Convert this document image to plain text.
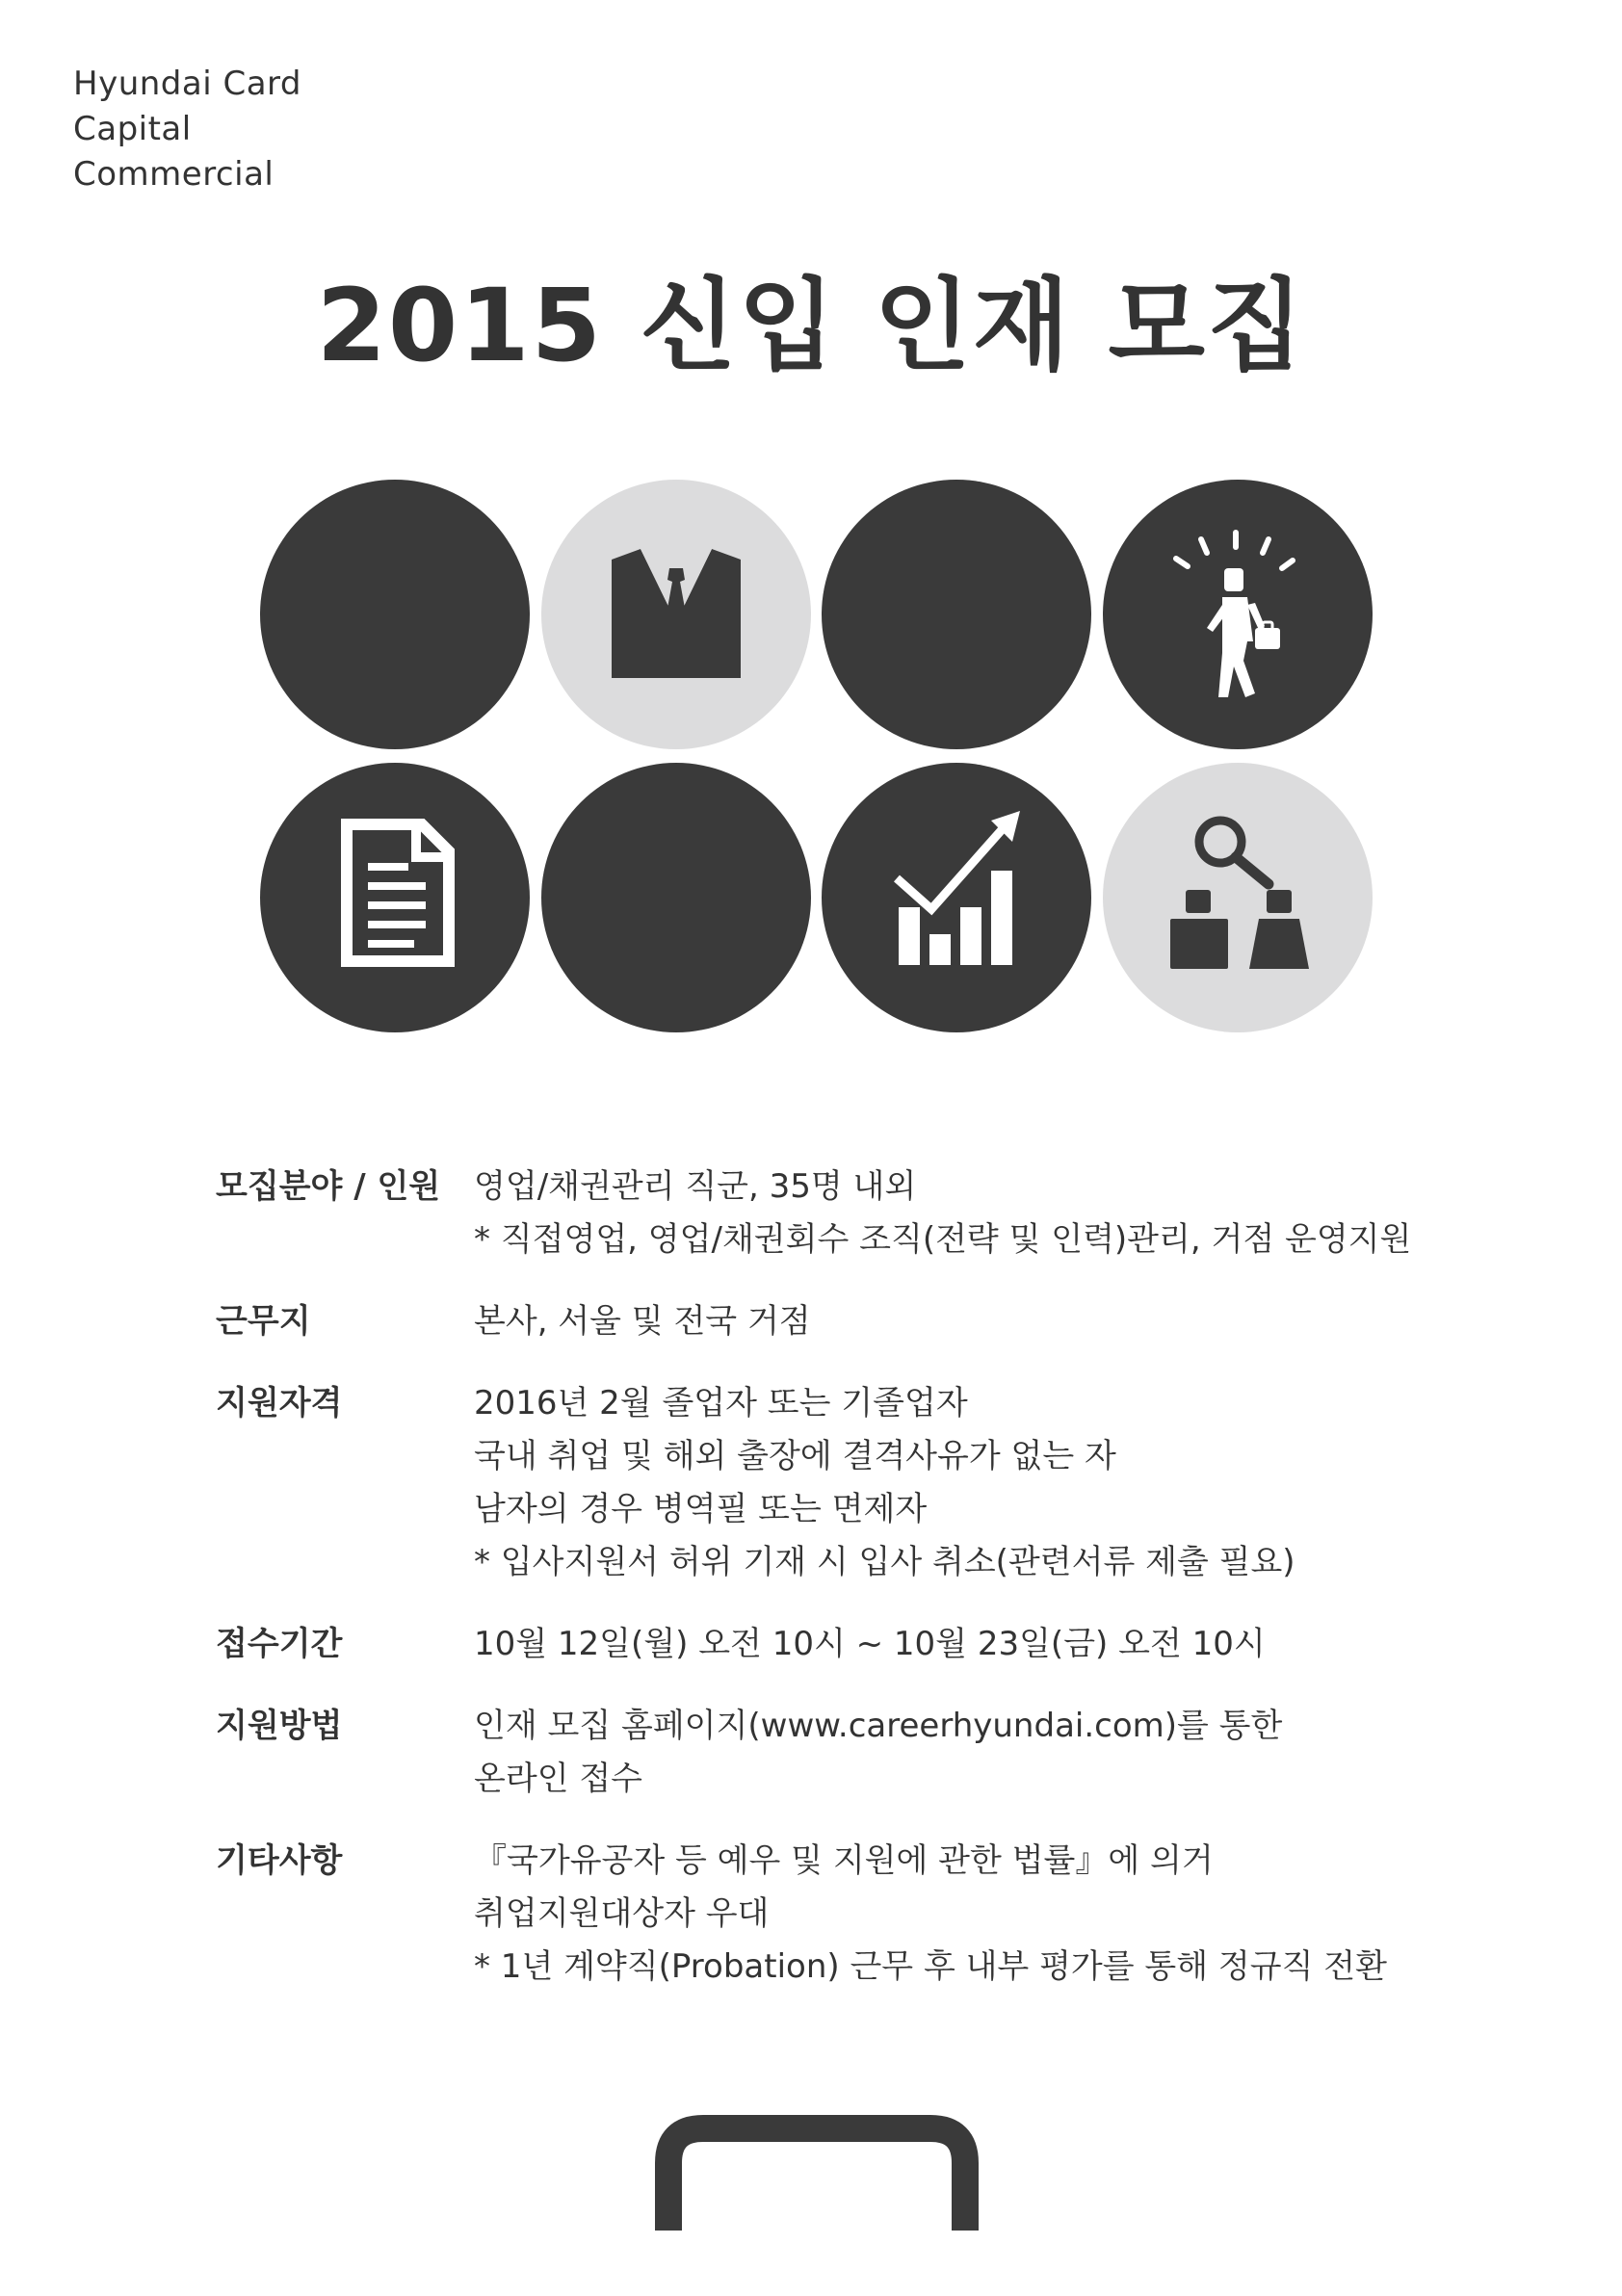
Hyundai Card
Capital
Commercial
2015 신입 인재 모집
모집분야 / 인원	영업/채권관리 직군, 35명 내외
* 직접영업, 영업/채권회수 조직(전략 및 인력)관리, 거점 운영지원
근무지	본사, 서울 및 전국 거점
지원자격	2016년 2월 졸업자 또는 기졸업자
국내 취업 및 해외 출장에 결격사유가 없는 자
남자의 경우 병역필 또는 면제자
* 입사지원서 허위 기재 시 입사 취소(관련서류 제출 필요)
접수기간	10월 12일(월) 오전 10시 ~ 10월 23일(금) 오전 10시
지원방법	인재 모집 홈페이지(www.careerhyundai.com)를 통한
온라인 접수
기타사항	『국가유공자 등 예우 및 지원에 관한 법률』에 의거
취업지원대상자 우대
* 1년 계약직(Probation) 근무 후 내부 평가를 통해 정규직 전환
